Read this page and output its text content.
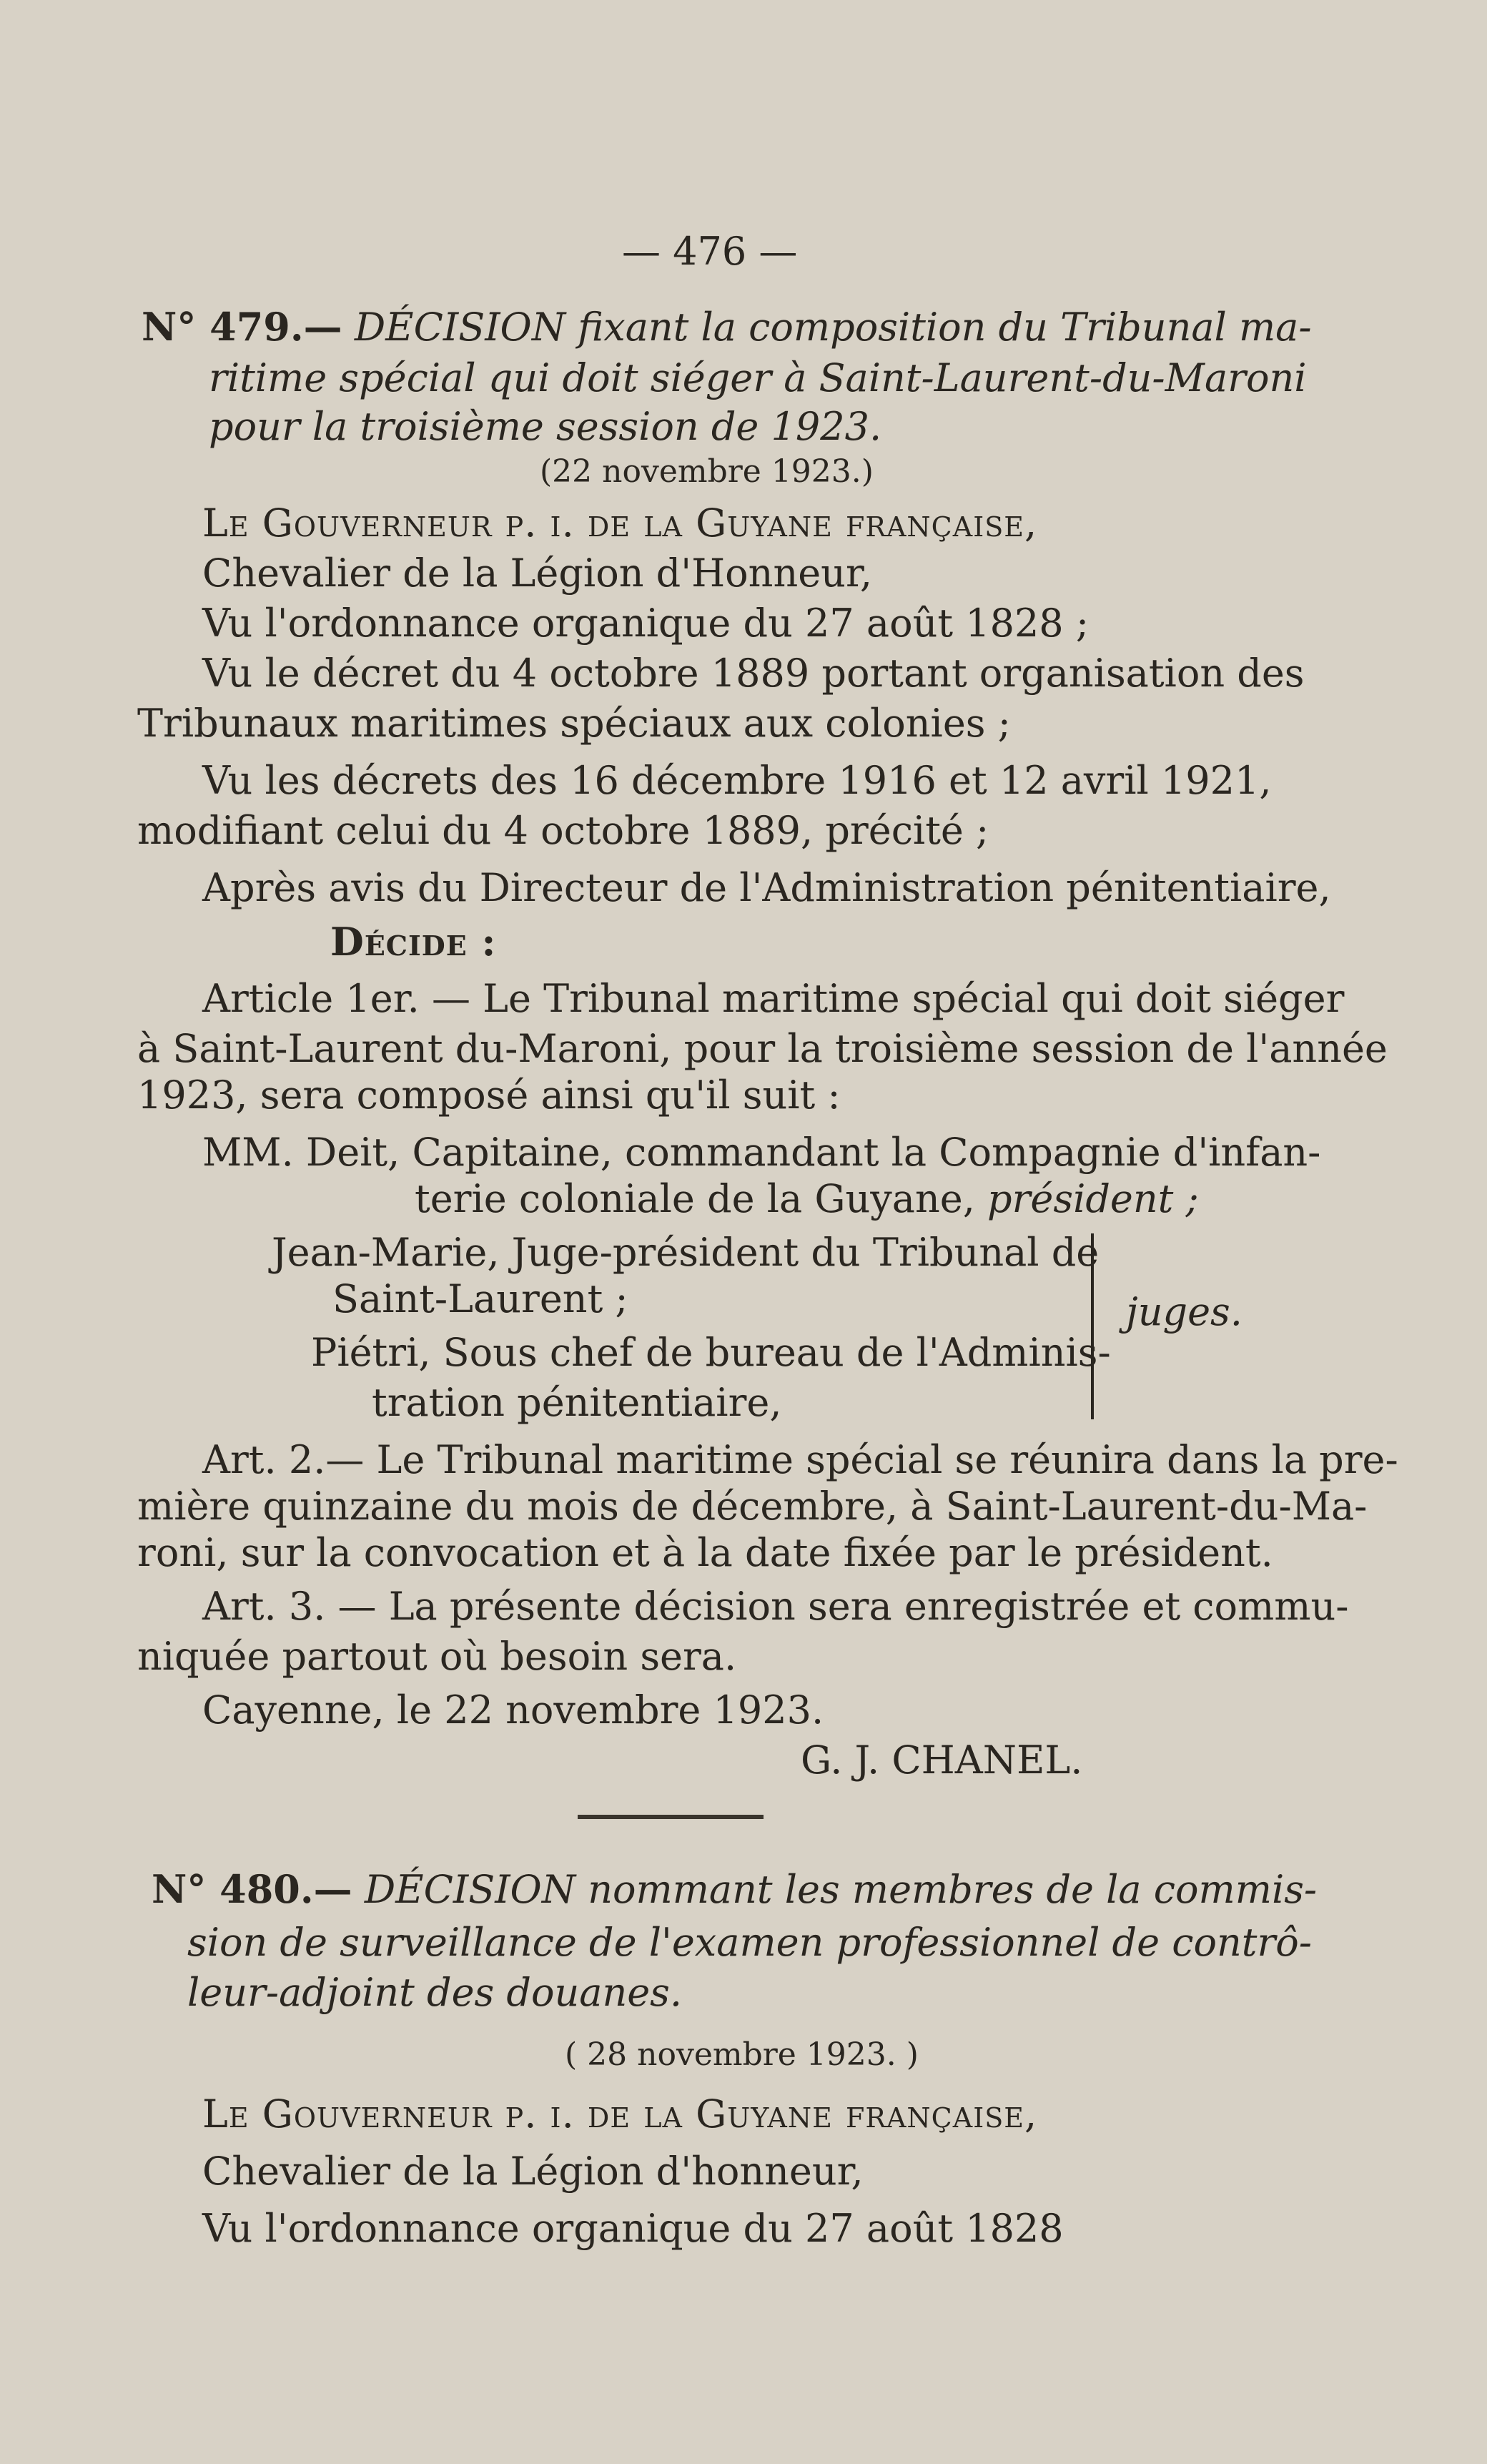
— 476 —
N° 479.— DÉCISION fixant la composition du Tribunal ma-
ritime spécial qui doit siéger à Saint-Laurent-du-Maroni
pour la troisième session de 1923.
(22 novembre 1923.)
Le Gouverneur p. i. de la Guyane française,
Chevalier de la Légion d'Honneur,
Vu l'ordonnance organique du 27 août 1828 ;
Vu le décret du 4 octobre 1889 portant organisation des
Tribunaux maritimes spéciaux aux colonies ;
Vu les décrets des 16 décembre 1916 et 12 avril 1921,
modifiant celui du 4 octobre 1889, précité ;
Après avis du Directeur de l'Administration pénitentiaire,
Décide :
Article 1er. — Le Tribunal maritime spécial qui doit siéger
à Saint-Laurent du-Maroni, pour la troisième session de l'année
1923, sera composé ainsi qu'il suit :
MM. Deit, Capitaine, commandant la Compagnie d'infan-
terie coloniale de la Guyane, président ;
Jean-Marie, Juge-président du Tribunal de
Saint-Laurent ;	juges.
Piétri, Sous chef de bureau de l'Adminis-
tration pénitentiaire,
Art. 2.— Le Tribunal maritime spécial se réunira dans la pre-
mière quinzaine du mois de décembre, à Saint-Laurent-du-Ma-
roni, sur la convocation et à la date fixée par le président.
Art. 3. — La présente décision sera enregistrée et commu-
niquée partout où besoin sera.
Cayenne, le 22 novembre 1923.
G. J. CHANEL.
N° 480.— DÉCISION nommant les membres de la commis-
sion de surveillance de l'examen professionnel de contrô-
leur-adjoint des douanes.
( 28 novembre 1923. )
Le Gouverneur p. i. de la Guyane française,
Chevalier de la Légion d'honneur,
Vu l'ordonnance organique du 27 août 1828
